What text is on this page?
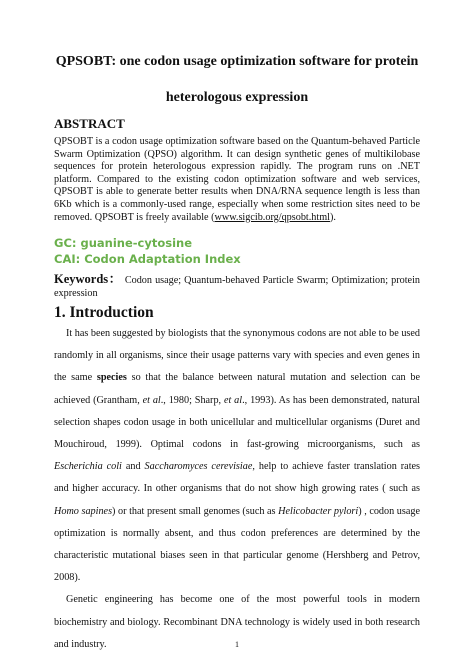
QPSOBT: one codon usage optimization software for protein
heterologous expression
ABSTRACT

QPSOBT is a codon usage optimization software based on the Quantum-behaved Particle Swarm Optimization (QPSO) algorithm. It can design synthetic genes of multikilobase sequences for protein heterologous expression rapidly. The program runs on .NET platform. Compared to the existing codon optimization software and web services, QPSOBT is able to generate better results when DNA/RNA sequence length is less than 6Kb which is a commonly-used range, especially when some restriction sites need to be removed. QPSOBT is freely available (www.sigcib.org/qpsobt.html).

GC: guanine-cytosine
CAI: Codon Adaptation Index

Keywords： Codon usage; Quantum-behaved Particle Swarm; Optimization; protein expression

1. Introduction

It has been suggested by biologists that the synonymous codons are not able to be used randomly in all organisms, since their usage patterns vary with species and even genes in the same species so that the balance between natural mutation and selection can be achieved (Grantham, et al., 1980; Sharp, et al., 1993). As has been demonstrated, natural selection shapes codon usage in both unicellular and multicellular organisms (Duret and Mouchiroud, 1999). Optimal codons in fast-growing microorganisms, such as Escherichia coli and Saccharomyces cerevisiae, help to achieve faster translation rates and higher accuracy. In other organisms that do not show high growing rates ( such as Homo sapines) or that present small genomes (such as Helicobacter pylori) , codon usage optimization is normally absent, and thus codon preferences are determined by the characteristic mutational biases seen in that particular genome (Hershberg and Petrov, 2008).

Genetic engineering has become one of the most powerful tools in modern biochemistry and biology. Recombinant DNA technology is widely used in both research and industry.	1
